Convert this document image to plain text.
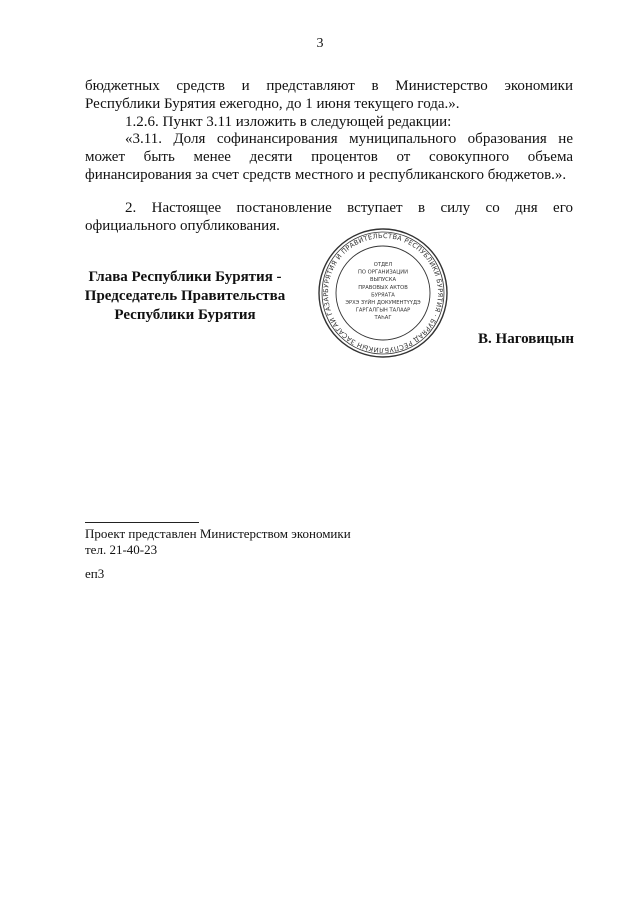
3
бюджетных средств и представляют в Министерство экономики
Республики Бурятия ежегодно, до 1 июня текущего года.».
1.2.6. Пункт 3.11 изложить в следующей редакции:
«3.11. Доля софинансирования муниципального образования не
может быть менее десяти процентов от совокупного объема
финансирования за счет средств местного и республиканского бюджетов.».
2. Настоящее постановление вступает в силу со дня его
официального опубликования.
Глава Республики Бурятия -
Председатель Правительства
Республики Бурятия
БУРЯТИЯ И ПРАВИТЕЛЬСТВА РЕСПУБЛИКИ БУРЯТИЯ · БУРЯАД РЕСПУБЛИКЫН ЗАСАГАЙ ГАЗАР
ОТДЕЛ
ПО ОРГАНИЗАЦИИ
ВЫПУСКА
ПРАВОВЫХ АКТОВ
БУРЯАТА
ЭРХЭ ЗҮЙН ДОКУМЕНТҮҮДЭ
ГАРГАЛГЫН ТАЛААР
ТАҺАГ
В. Наговицын
Проект представлен Министерством экономики
тел. 21-40-23
еп3
